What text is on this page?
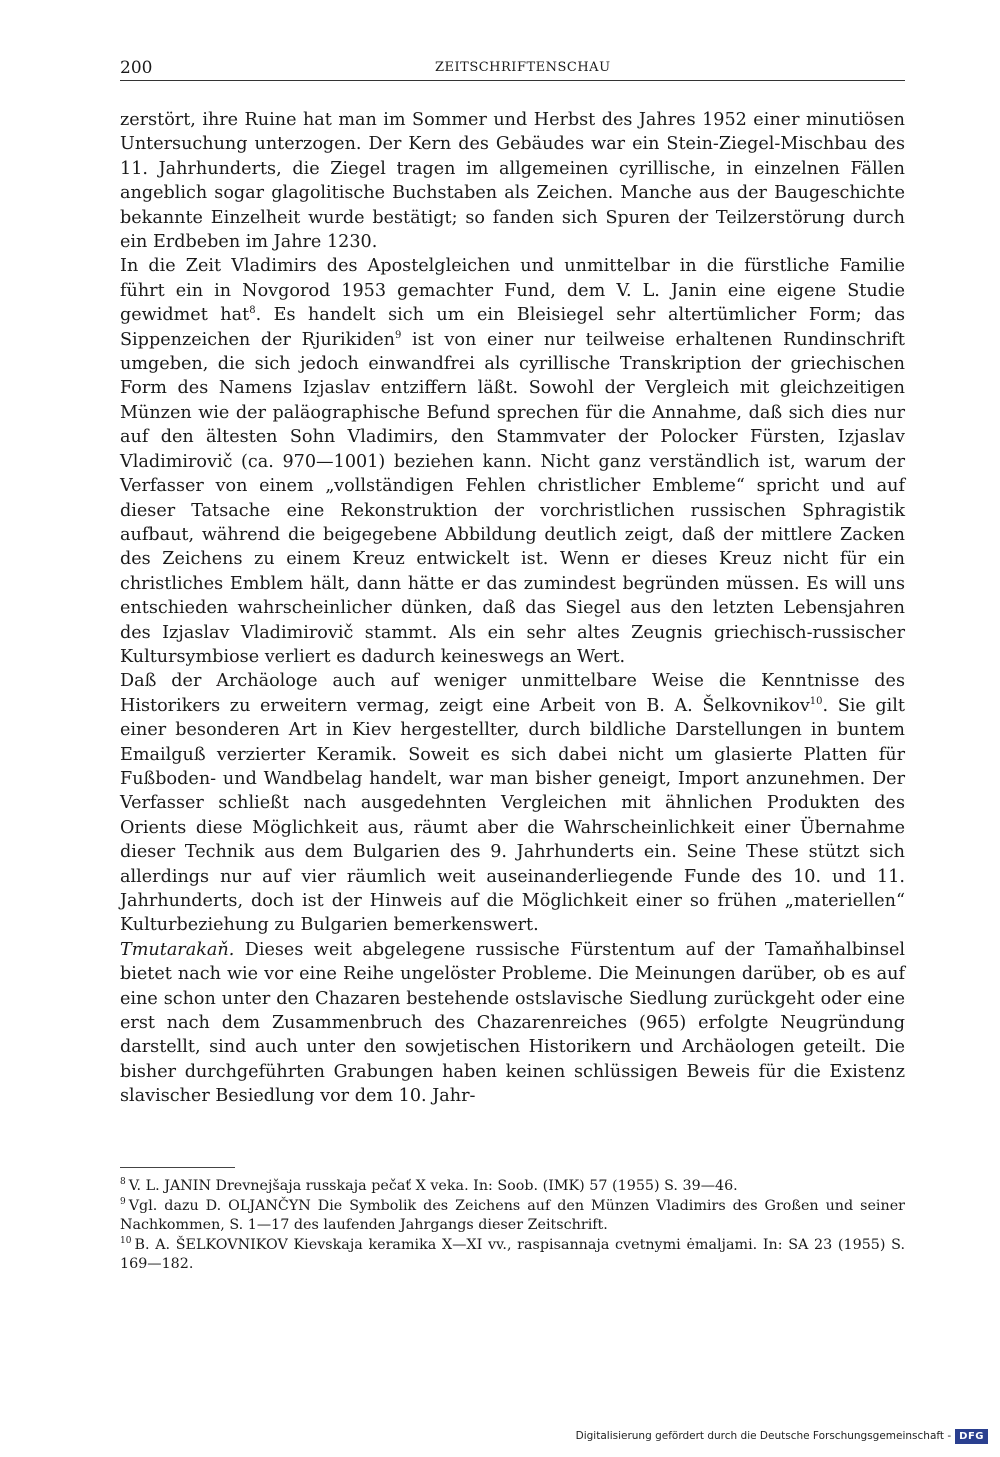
200	ZEITSCHRIFTENSCHAU

zerstört, ihre Ruine hat man im Sommer und Herbst des Jahres 1952 einer minutiösen Untersuchung unterzogen. Der Kern des Gebäudes war ein Stein-Ziegel-Mischbau des 11. Jahrhunderts, die Ziegel tragen im allgemeinen cyrillische, in einzelnen Fällen angeblich sogar glagolitische Buchstaben als Zeichen. Manche aus der Baugeschichte bekannte Einzelheit wurde bestätigt; so fanden sich Spuren der Teilzerstörung durch ein Erdbeben im Jahre 1230.

In die Zeit Vladimirs des Apostelgleichen und unmittelbar in die fürstliche Familie führt ein in Novgorod 1953 gemachter Fund, dem V. L. Janin eine eigene Studie gewidmet hat$^8$. Es handelt sich um ein Bleisiegel sehr altertümlicher Form; das Sippenzeichen der Rjurikiden$^9$ ist von einer nur teilweise erhaltenen Rundinschrift umgeben, die sich jedoch einwandfrei als cyrillische Transkription der griechischen Form des Namens Izjaslav entziffern läßt. Sowohl der Vergleich mit gleichzeitigen Münzen wie der paläographische Befund sprechen für die Annahme, daß sich dies nur auf den ältesten Sohn Vladimirs, den Stammvater der Polocker Fürsten, Izjaslav Vladimirovič (ca. 970—1001) beziehen kann. Nicht ganz verständlich ist, warum der Verfasser von einem „vollständigen Fehlen christlicher Embleme“ spricht und auf dieser Tatsache eine Rekonstruktion der vorchristlichen russischen Sphragistik aufbaut, während die beigegebene Abbildung deutlich zeigt, daß der mittlere Zacken des Zeichens zu einem Kreuz entwickelt ist. Wenn er dieses Kreuz nicht für ein christliches Emblem hält, dann hätte er das zumindest begründen müssen. Es will uns entschieden wahrscheinlicher dünken, daß das Siegel aus den letzten Lebensjahren des Izjaslav Vladimirovič stammt. Als ein sehr altes Zeugnis griechisch-russischer Kultursymbiose verliert es dadurch keineswegs an Wert.

Daß der Archäologe auch auf weniger unmittelbare Weise die Kenntnisse des Historikers zu erweitern vermag, zeigt eine Arbeit von B. A. Šelkovnikov$^{10}$. Sie gilt einer besonderen Art in Kiev hergestellter, durch bildliche Darstellungen in buntem Emailguß verzierter Keramik. Soweit es sich dabei nicht um glasierte Platten für Fußboden- und Wandbelag handelt, war man bisher geneigt, Import anzunehmen. Der Verfasser schließt nach ausgedehnten Vergleichen mit ähnlichen Produkten des Orients diese Möglichkeit aus, räumt aber die Wahrscheinlichkeit einer Übernahme dieser Technik aus dem Bulgarien des 9. Jahrhunderts ein. Seine These stützt sich allerdings nur auf vier räumlich weit auseinanderliegende Funde des 10. und 11. Jahrhunderts, doch ist der Hinweis auf die Möglichkeit einer so frühen „materiellen“ Kulturbeziehung zu Bulgarien bemerkenswert.

Tmutarakaň. Dieses weit abgelegene russische Fürstentum auf der Tamaňhalbinsel bietet nach wie vor eine Reihe ungelöster Probleme. Die Meinungen darüber, ob es auf eine schon unter den Chazaren bestehende ostslavische Siedlung zurückgeht oder eine erst nach dem Zusammenbruch des Chazarenreiches (965) erfolgte Neugründung darstellt, sind auch unter den sowjetischen Historikern und Archäologen geteilt. Die bisher durchgeführten Grabungen haben keinen schlüssigen Beweis für die Existenz slavischer Besiedlung vor dem 10. Jahr-

$^8$ V. L. JANIN Drevnejšaja russkaja pečať X veka. In: Soob. (IMK) 57 (1955) S. 39—46.

$^9$ Vgl. dazu D. OLJANČYN Die Symbolik des Zeichens auf den Münzen Vladimirs des Großen und seiner Nachkommen, S. 1—17 des laufenden Jahrgangs dieser Zeitschrift.

$^{10}$ B. A. ŠELKOVNIKOV Kievskaja keramika X—XI vv., raspisannaja cvetnymi ėmaljami. In: SA 23 (1955) S. 169—182.

Digitalisierung gefördert durch die Deutsche Forschungsgemeinschaft - DFG
